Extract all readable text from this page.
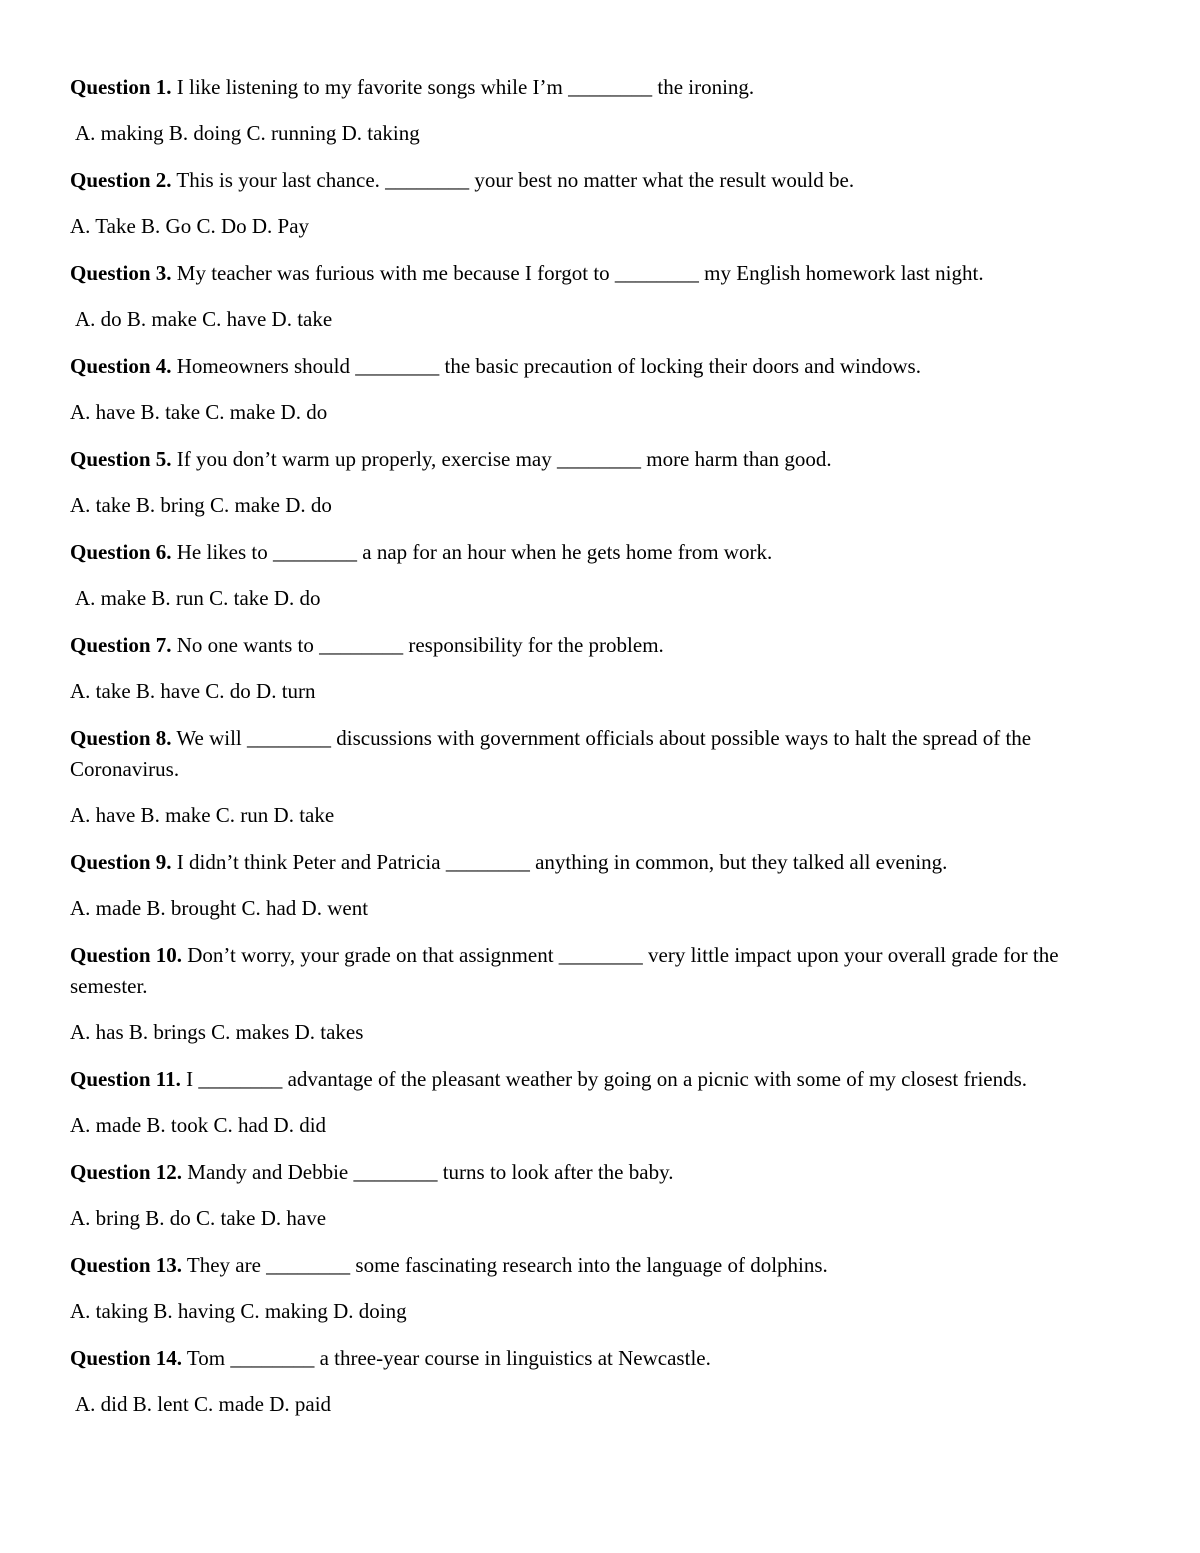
Question 1. I like listening to my favorite songs while I’m ________ the ironing.

A. making B. doing C. running D. taking

Question 2. This is your last chance. ________ your best no matter what the result would be.

A. Take B. Go C. Do D. Pay

Question 3. My teacher was furious with me because I forgot to ________ my English homework last night.

A. do B. make C. have D. take

Question 4. Homeowners should ________ the basic precaution of locking their doors and windows.

A. have B. take C. make D. do

Question 5. If you don’t warm up properly, exercise may ________ more harm than good.

A. take B. bring C. make D. do

Question 6. He likes to ________ a nap for an hour when he gets home from work.

A. make B. run C. take D. do

Question 7. No one wants to ________ responsibility for the problem.

A. take B. have C. do D. turn

Question 8. We will ________ discussions with government officials about possible ways to halt the spread of the Coronavirus.

A. have B. make C. run D. take

Question 9. I didn’t think Peter and Patricia ________ anything in common, but they talked all evening.

A. made B. brought C. had D. went

Question 10. Don’t worry, your grade on that assignment ________ very little impact upon your overall grade for the semester.

A. has B. brings C. makes D. takes

Question 11. I ________ advantage of the pleasant weather by going on a picnic with some of my closest friends.

A. made B. took C. had D. did

Question 12. Mandy and Debbie ________ turns to look after the baby.

A. bring B. do C. take D. have

Question 13. They are ________ some fascinating research into the language of dolphins.

A. taking B. having C. making D. doing

Question 14. Tom ________ a three-year course in linguistics at Newcastle.

A. did B. lent C. made D. paid
